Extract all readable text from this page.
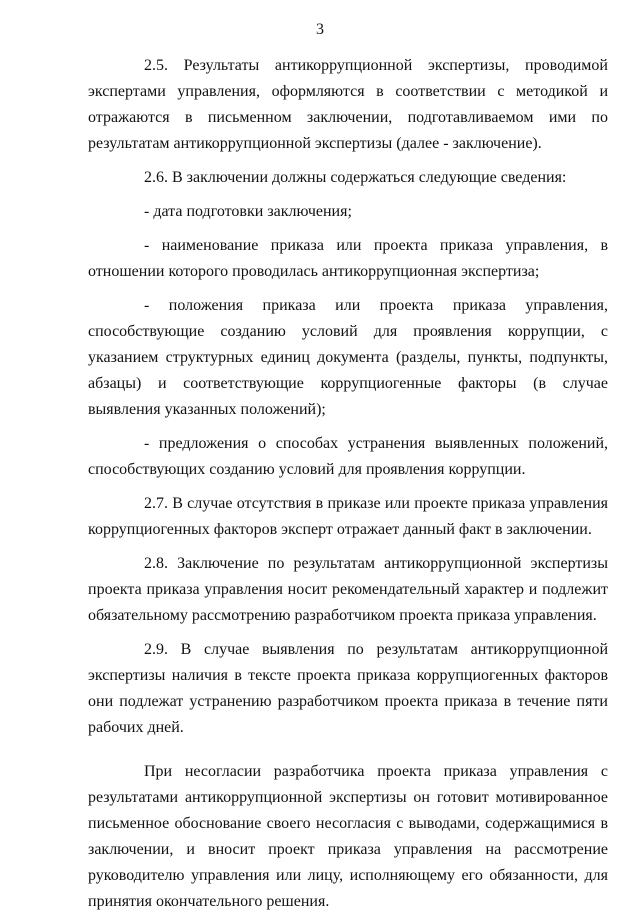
3

2.5. Результаты антикоррупционной экспертизы, проводимой экспертами управления, оформляются в соответствии с методикой и отражаются в письменном заключении, подготавливаемом ими по результатам антикоррупционной экспертизы (далее - заключение).

2.6. В заключении должны содержаться следующие сведения:

- дата подготовки заключения;

- наименование приказа или проекта приказа управления, в отношении которого проводилась антикоррупционная экспертиза;

- положения приказа или проекта приказа управления, способствующие созданию условий для проявления коррупции, с указанием структурных единиц документа (разделы, пункты, подпункты, абзацы) и соответствующие коррупциогенные факторы (в случае выявления указанных положений);

- предложения о способах устранения выявленных положений, способствующих созданию условий для проявления коррупции.

2.7. В случае отсутствия в приказе или проекте приказа управления коррупциогенных факторов эксперт отражает данный факт в заключении.

2.8. Заключение по результатам антикоррупционной экспертизы проекта приказа управления носит рекомендательный характер и подлежит обязательному рассмотрению разработчиком проекта приказа управления.

2.9. В случае выявления по результатам антикоррупционной экспертизы наличия в тексте проекта приказа коррупциогенных факторов они подлежат устранению разработчиком проекта приказа в течение пяти рабочих дней.

При несогласии разработчика проекта приказа управления с результатами антикоррупционной экспертизы он готовит мотивированное письменное обоснование своего несогласия с выводами, содержащимися в заключении, и вносит проект приказа управления на рассмотрение руководителю управления или лицу, исполняющему его обязанности, для принятия окончательного решения.
